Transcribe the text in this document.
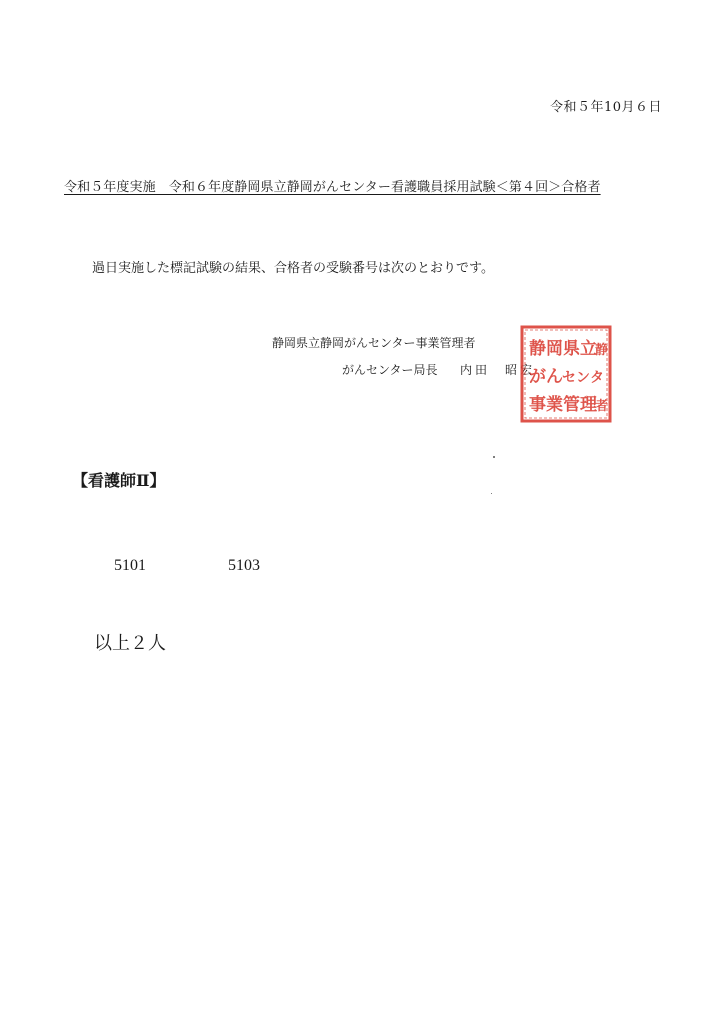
令和５年10月６日
令和５年度実施　令和６年度静岡県立静岡がんセンター看護職員採用試験＜第４回＞合格者
過日実施した標記試験の結果、合格者の受験番号は次のとおりです。
静岡県立静岡がんセンター事業管理者
がんセンター局長 内田　昭宏
静 岡 県 立
静
が ん セ ン タ
事 業 管 理
者
【看護師Ⅱ】
5101	5103
以上２人
